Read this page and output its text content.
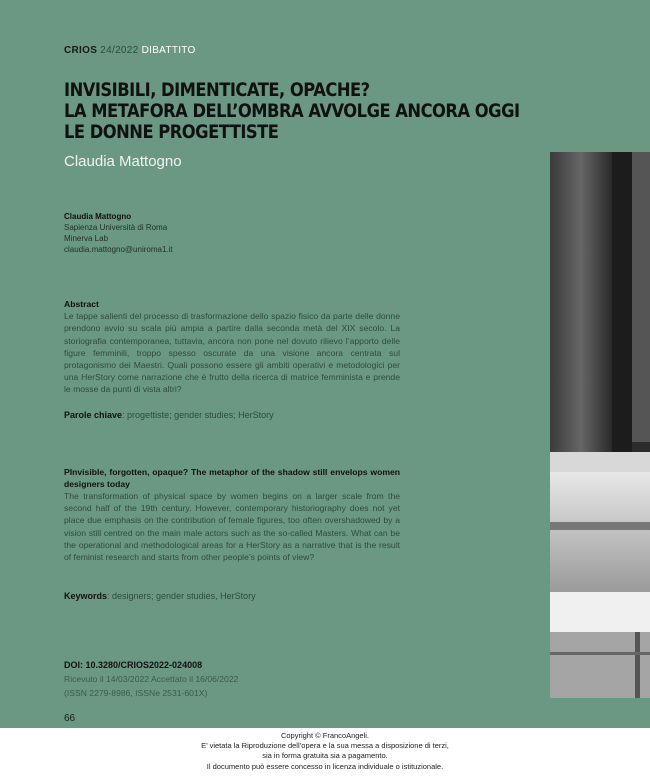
CRIOS 24/2022 DIBATTITO
INVISIBILI, DIMENTICATE, OPACHE?
LA METAFORA DELL’OMBRA AVVOLGE ANCORA OGGI
LE DONNE PROGETTISTE
Claudia Mattogno
Claudia Mattogno
Sapienza Università di Roma
Minerva Lab
claudia.mattogno@uniroma1.it
Abstract

Le tappe salienti del processo di trasformazione dello spazio fisico da parte delle donne prendono avvio su scala più ampia a partire dalla seconda metà del XIX secolo. La storiografia contemporanea, tuttavia, ancora non pone nel dovuto rilievo l’apporto delle figure femminili, troppo spesso oscurate da una visione ancora centrata sul protagonismo dei Maestri. Quali possono essere gli ambiti operativi e metodologici per una HerStory come narrazione che è frutto della ricerca di matrice femminista e prende le mosse da punti di vista altri?

Parole chiave: progettiste; gender studies; HerStory
PInvisible, forgotten, opaque? The metaphor of the shadow still envelops women designers today

The transformation of physical space by women begins on a larger scale from the second half of the 19th century. However, contemporary historiography does not yet place due emphasis on the contribution of female figures, too often overshadowed by a vision still centred on the main male actors such as the so-called Masters. What can be the operational and methodological areas for a HerStory as a narrative that is the result of feminist research and starts from other people’s points of view?

Keywords: designers; gender studies, HerStory
DOI: 10.3280/CRIOS2022-024008
Ricevuto il 14/03/2022 Accettato il 16/06/2022
(ISSN 2279-8986, ISSNe 2531-601X)
66
Copyright © FrancoAngeli.
E’ vietata la Riproduzione dell’opera e la sua messa a disposizione di terzi,
sia in forma gratuita sia a pagamento.
Il documento può essere concesso in licenza individuale o istituzionale.
